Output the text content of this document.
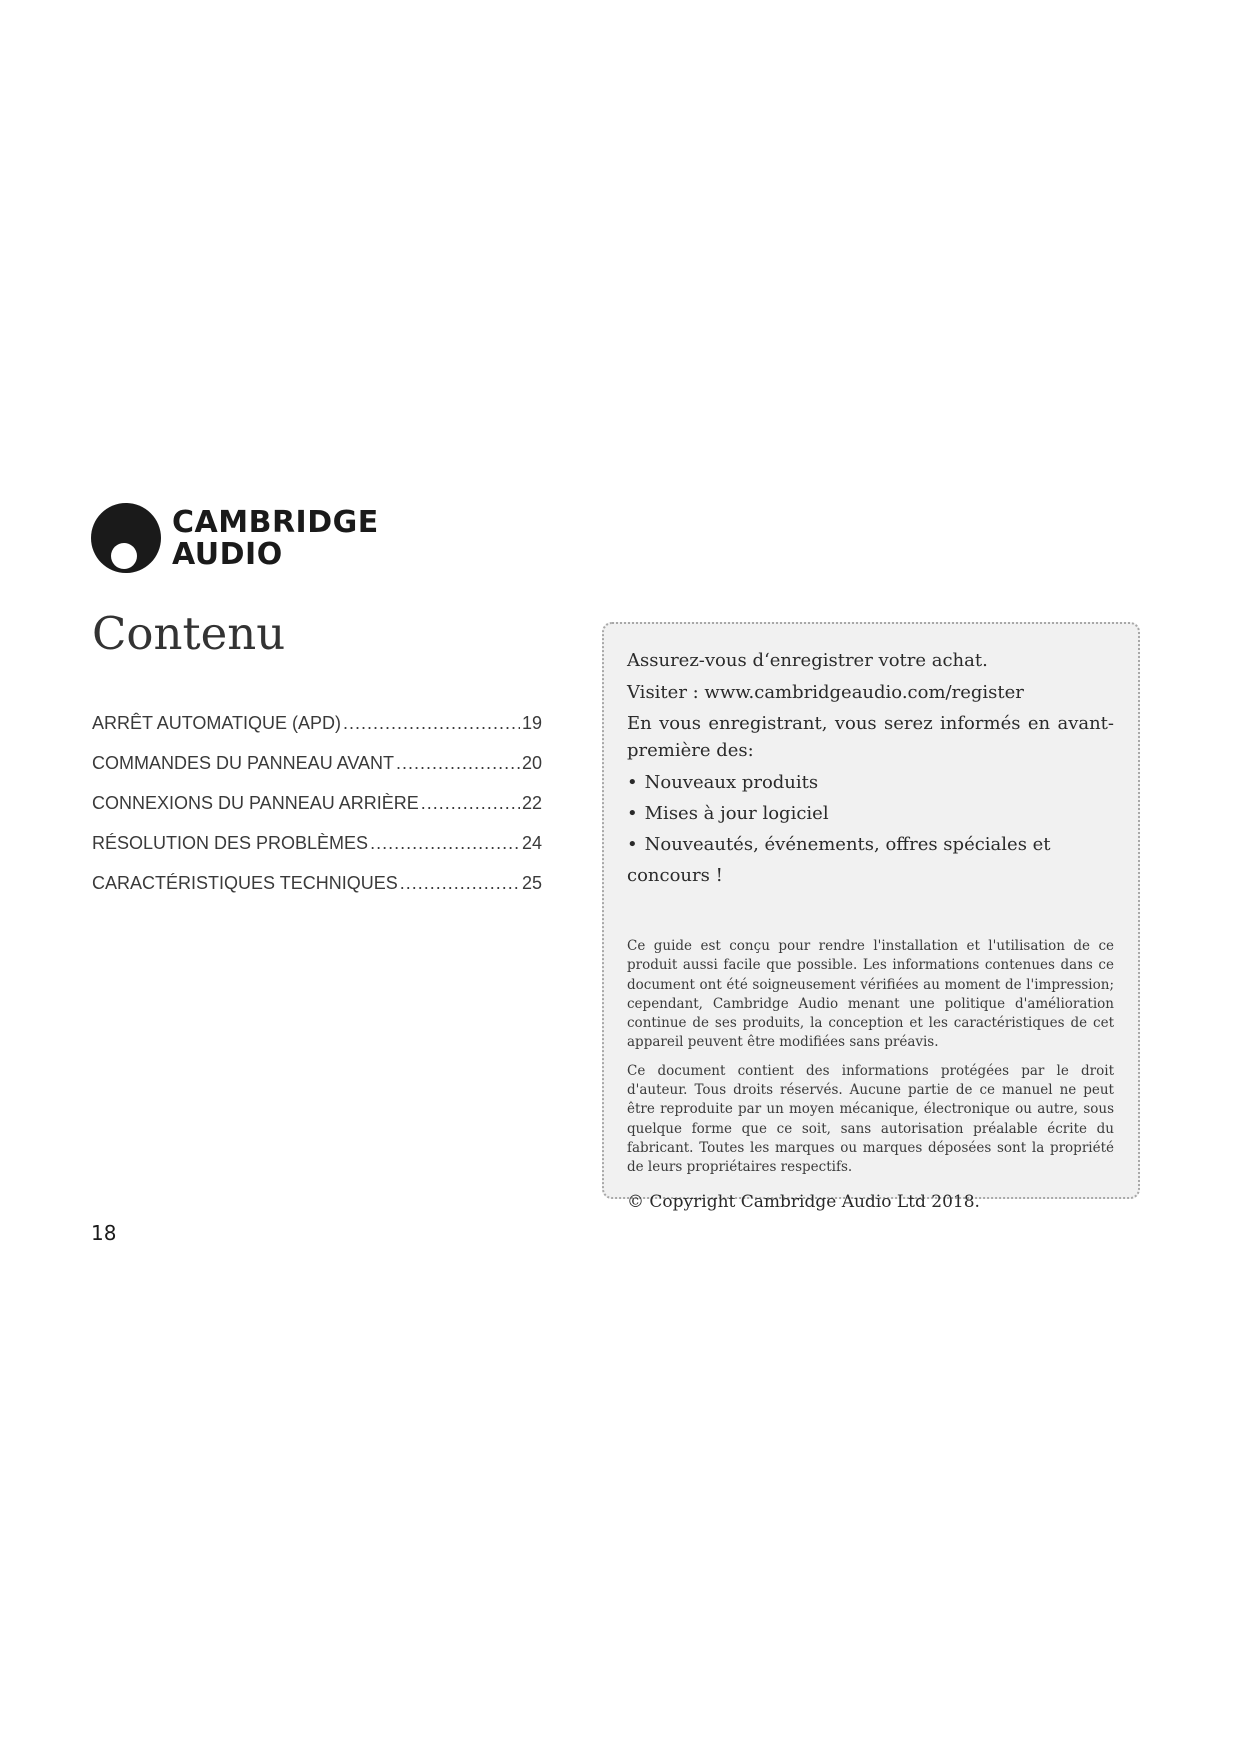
CAMBRIDGE
AUDIO
Contenu
ARRÊT AUTOMATIQUE (APD) .....	19
COMMANDES DU PANNEAU AVANT .....	20
CONNEXIONS DU PANNEAU ARRIÈRE .....	22
RÉSOLUTION DES PROBLÈMES .....	24
CARACTÉRISTIQUES TECHNIQUES .....	25

Assurez-vous d‘enregistrer votre achat.

Visiter : www.cambridgeaudio.com/register

En vous enregistrant, vous serez informés en avant-première des:

• Nouveaux produits
• Mises à jour logiciel
• Nouveautés, événements, offres spéciales et concours !

Ce guide est conçu pour rendre l'installation et l'utilisation de ce produit aussi facile que possible. Les informations contenues dans ce document ont été soigneusement vérifiées au moment de l'impression; cependant, Cambridge Audio menant une politique d'amélioration continue de ses produits, la conception et les caractéristiques de cet appareil peuvent être modifiées sans préavis.

Ce document contient des informations protégées par le droit d'auteur. Tous droits réservés. Aucune partie de ce manuel ne peut être reproduite par un moyen mécanique, électronique ou autre, sous quelque forme que ce soit, sans autorisation préalable écrite du fabricant. Toutes les marques ou marques déposées sont la propriété de leurs propriétaires respectifs.

© Copyright Cambridge Audio Ltd 2018.

18
